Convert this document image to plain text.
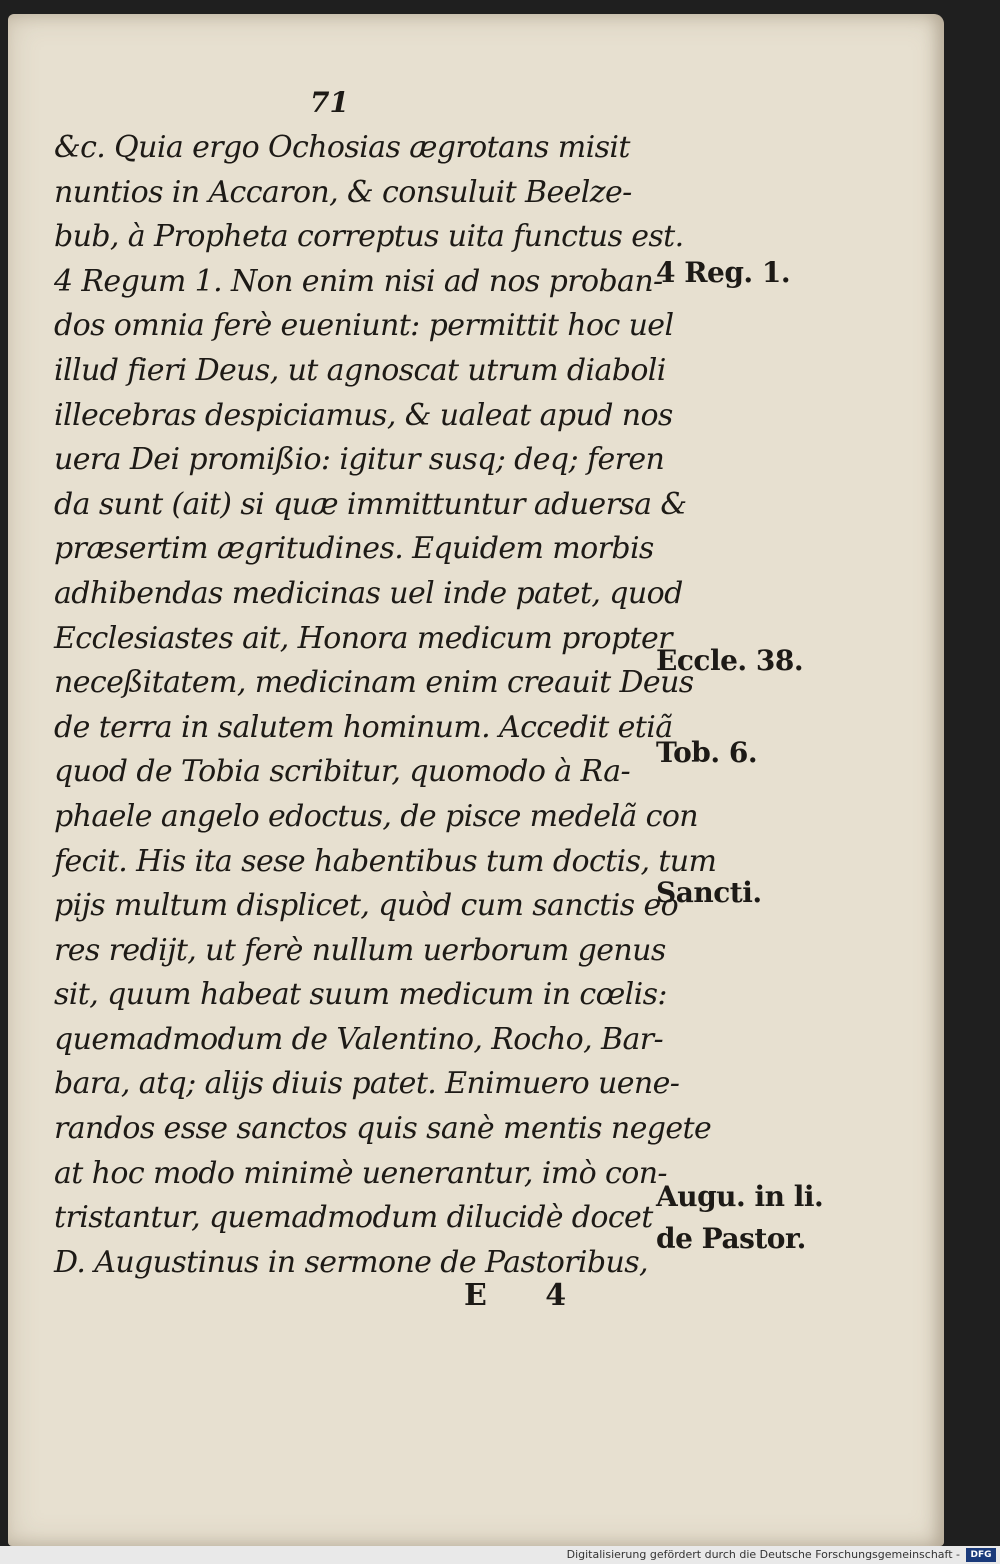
71
&c. Quia ergo Ochosias ægrotans misit
nuntios in Accaron, & consuluit Beelze-
bub, à Propheta correptus uita functus est.
4 Regum 1. Non enim nisi ad nos proban-
dos omnia ferè eueniunt: permittit hoc uel
illud fieri Deus, ut agnoscat utrum diaboli
illecebras despiciamus, & ualeat apud nos
uera Dei promißio: igitur susq; deq; feren
da sunt (ait) si quæ immittuntur aduersa &
præsertim ægritudines. Equidem morbis
adhibendas medicinas uel inde patet, quod
Ecclesiastes ait, Honora medicum propter
neceßitatem, medicinam enim creauit Deus
de terra in salutem hominum. Accedit etiã
quod de Tobia scribitur, quomodo à Ra-
phaele angelo edoctus, de pisce medelã con
fecit. His ita sese habentibus tum doctis, tum
pijs multum displicet, quòd cum sanctis eò
res redijt, ut ferè nullum uerborum genus
sit, quum habeat suum medicum in cœlis:
quemadmodum de Valentino, Rocho, Bar-
bara, atq; alijs diuis patet. Enimuero uene-
randos esse sanctos quis sanè mentis negete
at hoc modo minimè uenerantur, imò con-
tristantur, quemadmodum dilucidè docet
D. Augustinus in sermone de Pastoribus,
4 Reg. 1.
Eccle. 38.
Tob. 6.
Sancti.
Augu. in li.
de Pastor.
E 4
Digitalisierung gefördert durch die Deutsche Forschungsgemeinschaft -	DFG
